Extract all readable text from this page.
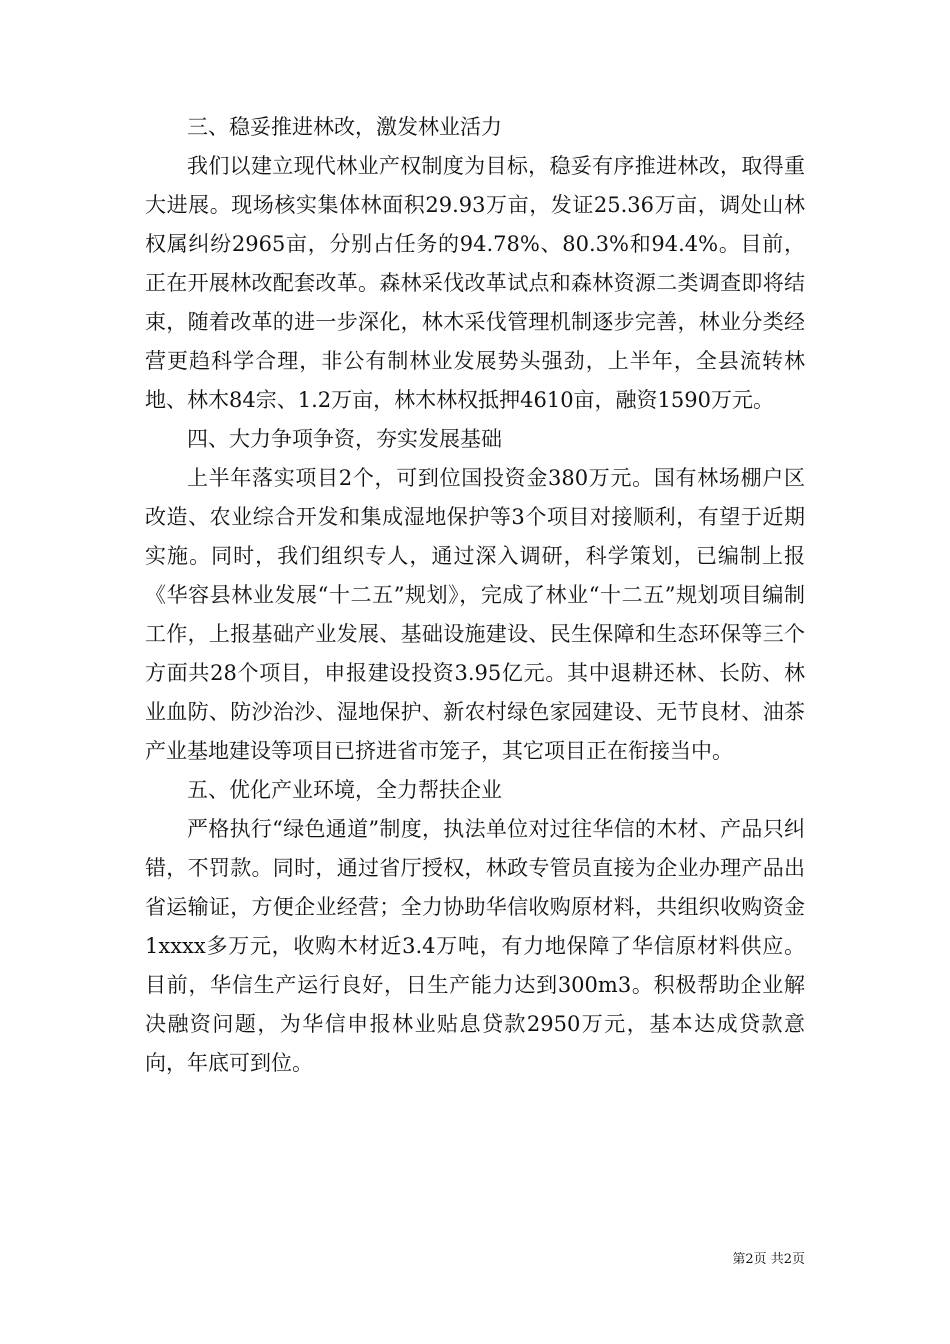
三、稳妥推进林改，激发林业活力

我们以建立现代林业产权制度为目标，稳妥有序推进林改，取得重大进展。现场核实集体林面积29.93万亩，发证25.36万亩，调处山林权属纠纷2965亩，分别占任务的94.78%、80.3%和94.4%。目前，正在开展林改配套改革。森林采伐改革试点和森林资源二类调查即将结束，随着改革的进一步深化，林木采伐管理机制逐步完善，林业分类经营更趋科学合理，非公有制林业发展势头强劲，上半年，全县流转林地、林木84宗、1.2万亩，林木林权抵押4610亩，融资1590万元。

四、大力争项争资，夯实发展基础

上半年落实项目2个，可到位国投资金380万元。国有林场棚户区改造、农业综合开发和集成湿地保护等3个项目对接顺利，有望于近期实施。同时，我们组织专人，通过深入调研，科学策划，已编制上报《华容县林业发展“十二五”规划》，完成了林业“十二五”规划项目编制工作，上报基础产业发展、基础设施建设、民生保障和生态环保等三个方面共28个项目，申报建设投资3.95亿元。其中退耕还林、长防、林业血防、防沙治沙、湿地保护、新农村绿色家园建设、无节良材、油茶产业基地建设等项目已挤进省市笼子，其它项目正在衔接当中。

五、优化产业环境，全力帮扶企业

严格执行“绿色通道”制度，执法单位对过往华信的木材、产品只纠错，不罚款。同时，通过省厅授权，林政专管员直接为企业办理产品出省运输证，方便企业经营；全力协助华信收购原材料，共组织收购资金1xxxx多万元，收购木材近3.4万吨，有力地保障了华信原材料供应。目前，华信生产运行良好，日生产能力达到300m3。积极帮助企业解决融资问题，为华信申报林业贴息贷款2950万元，基本达成贷款意向，年底可到位。

第2页 共2页
